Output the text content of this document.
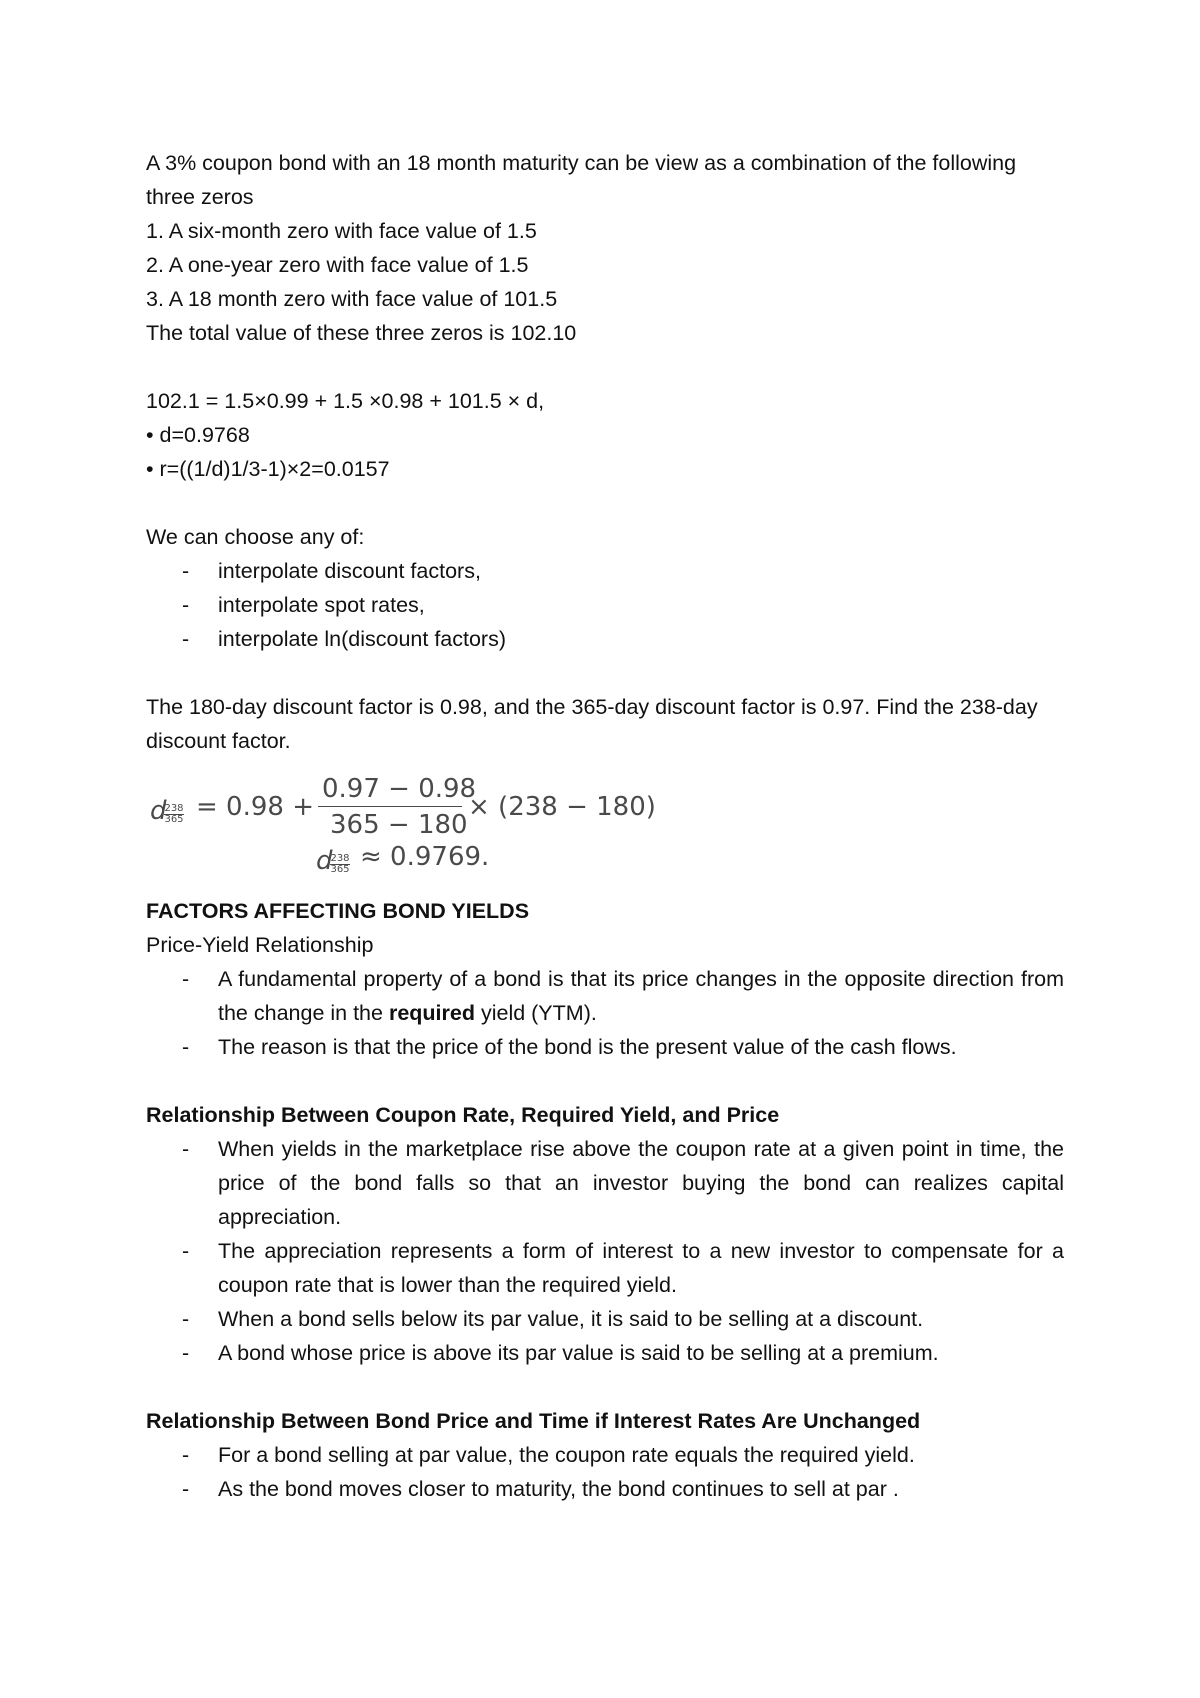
A 3% coupon bond with an 18 month maturity can be view as a combination of the following three zeros

1. A six-month zero with face value of 1.5

2. A one-year zero with face value of 1.5

3. A 18 month zero with face value of 101.5

The total value of these three zeros is 102.10

102.1 = 1.5×0.99 + 1.5 ×0.98 + 101.5 × d,

• d=0.9768

• r=((1/d)1/3-1)×2=0.0157

We can choose any of:

- interpolate discount factors,
- interpolate spot rates,
- interpolate ln(discount factors)

The 180-day discount factor is 0.98, and the 365-day discount factor is 0.97. Find the 238-day discount factor.

d
$\frac{238}{365} = 0.98$ +
0.97 − 0.98
365 − 180
× (238 − 180)
d
$\frac{238}{365} \approx 0.9769$.

FACTORS AFFECTING BOND YIELDS

Price-Yield Relationship

- A fundamental property of a bond is that its price changes in the opposite direction from the change in the required yield (YTM).
- The reason is that the price of the bond is the present value of the cash flows.

Relationship Between Coupon Rate, Required Yield, and Price

- When yields in the marketplace rise above the coupon rate at a given point in time, the price of the bond falls so that an investor buying the bond can realizes capital appreciation.
- The appreciation represents a form of interest to a new investor to compensate for a coupon rate that is lower than the required yield.
- When a bond sells below its par value, it is said to be selling at a discount.
- A bond whose price is above its par value is said to be selling at a premium.

Relationship Between Bond Price and Time if Interest Rates Are Unchanged

- For a bond selling at par value, the coupon rate equals the required yield.
- As the bond moves closer to maturity, the bond continues to sell at par .
